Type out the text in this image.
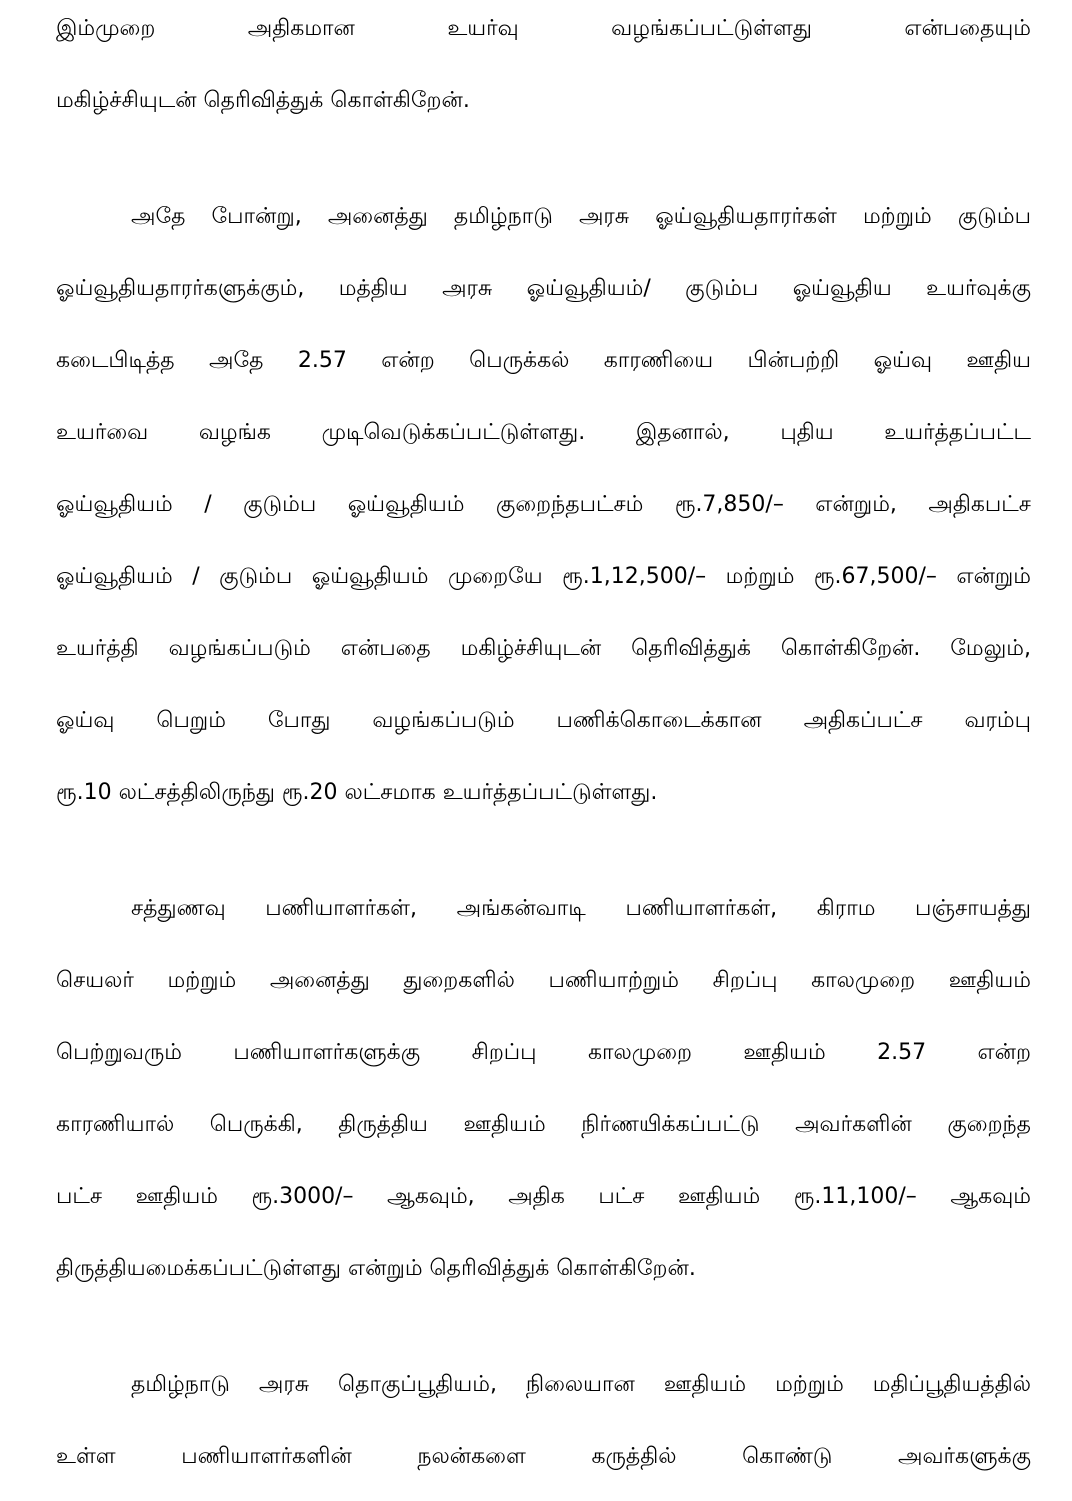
இம்முறை அதிகமான உயர்வு வழங்கப்பட்டுள்ளது என்பதையும்
மகிழ்ச்சியுடன் தெரிவித்துக் கொள்கிறேன்.
அதே போன்று, அனைத்து தமிழ்நாடு அரசு ஓய்வூதியதாரர்கள் மற்றும் குடும்ப
ஓய்வூதியதாரர்களுக்கும், மத்திய அரசு ஓய்வூதியம்/ குடும்ப ஓய்வூதிய உயர்வுக்கு
கடைபிடித்த அதே 2.57 என்ற பெருக்கல் காரணியை பின்பற்றி ஓய்வு ஊதிய
உயர்வை வழங்க முடிவெடுக்கப்பட்டுள்ளது. இதனால், புதிய உயர்த்தப்பட்ட
ஓய்வூதியம் / குடும்ப ஓய்வூதியம் குறைந்தபட்சம் ரூ.7,850/– என்றும், அதிகபட்ச
ஓய்வூதியம் / குடும்ப ஓய்வூதியம் முறையே ரூ.1,12,500/– மற்றும் ரூ.67,500/– என்றும்
உயர்த்தி வழங்கப்படும் என்பதை மகிழ்ச்சியுடன் தெரிவித்துக் கொள்கிறேன். மேலும்,
ஓய்வு பெறும் போது வழங்கப்படும் பணிக்கொடைக்கான அதிகப்பட்ச வரம்பு
ரூ.10 லட்சத்திலிருந்து ரூ.20 லட்சமாக உயர்த்தப்பட்டுள்ளது.
சத்துணவு பணியாளர்கள், அங்கன்வாடி பணியாளர்கள், கிராம பஞ்சாயத்து
செயலர் மற்றும் அனைத்து துறைகளில் பணியாற்றும் சிறப்பு காலமுறை ஊதியம்
பெற்றுவரும் பணியாளர்களுக்கு சிறப்பு காலமுறை ஊதியம் 2.57 என்ற
காரணியால் பெருக்கி, திருத்திய ஊதியம் நிர்ணயிக்கப்பட்டு அவர்களின் குறைந்த
பட்ச ஊதியம் ரூ.3000/– ஆகவும், அதிக பட்ச ஊதியம் ரூ.11,100/– ஆகவும்
திருத்தியமைக்கப்பட்டுள்ளது என்றும் தெரிவித்துக் கொள்கிறேன்.
தமிழ்நாடு அரசு தொகுப்பூதியம், நிலையான ஊதியம் மற்றும் மதிப்பூதியத்தில்
உள்ள பணியாளர்களின் நலன்களை கருத்தில் கொண்டு அவர்களுக்கு
